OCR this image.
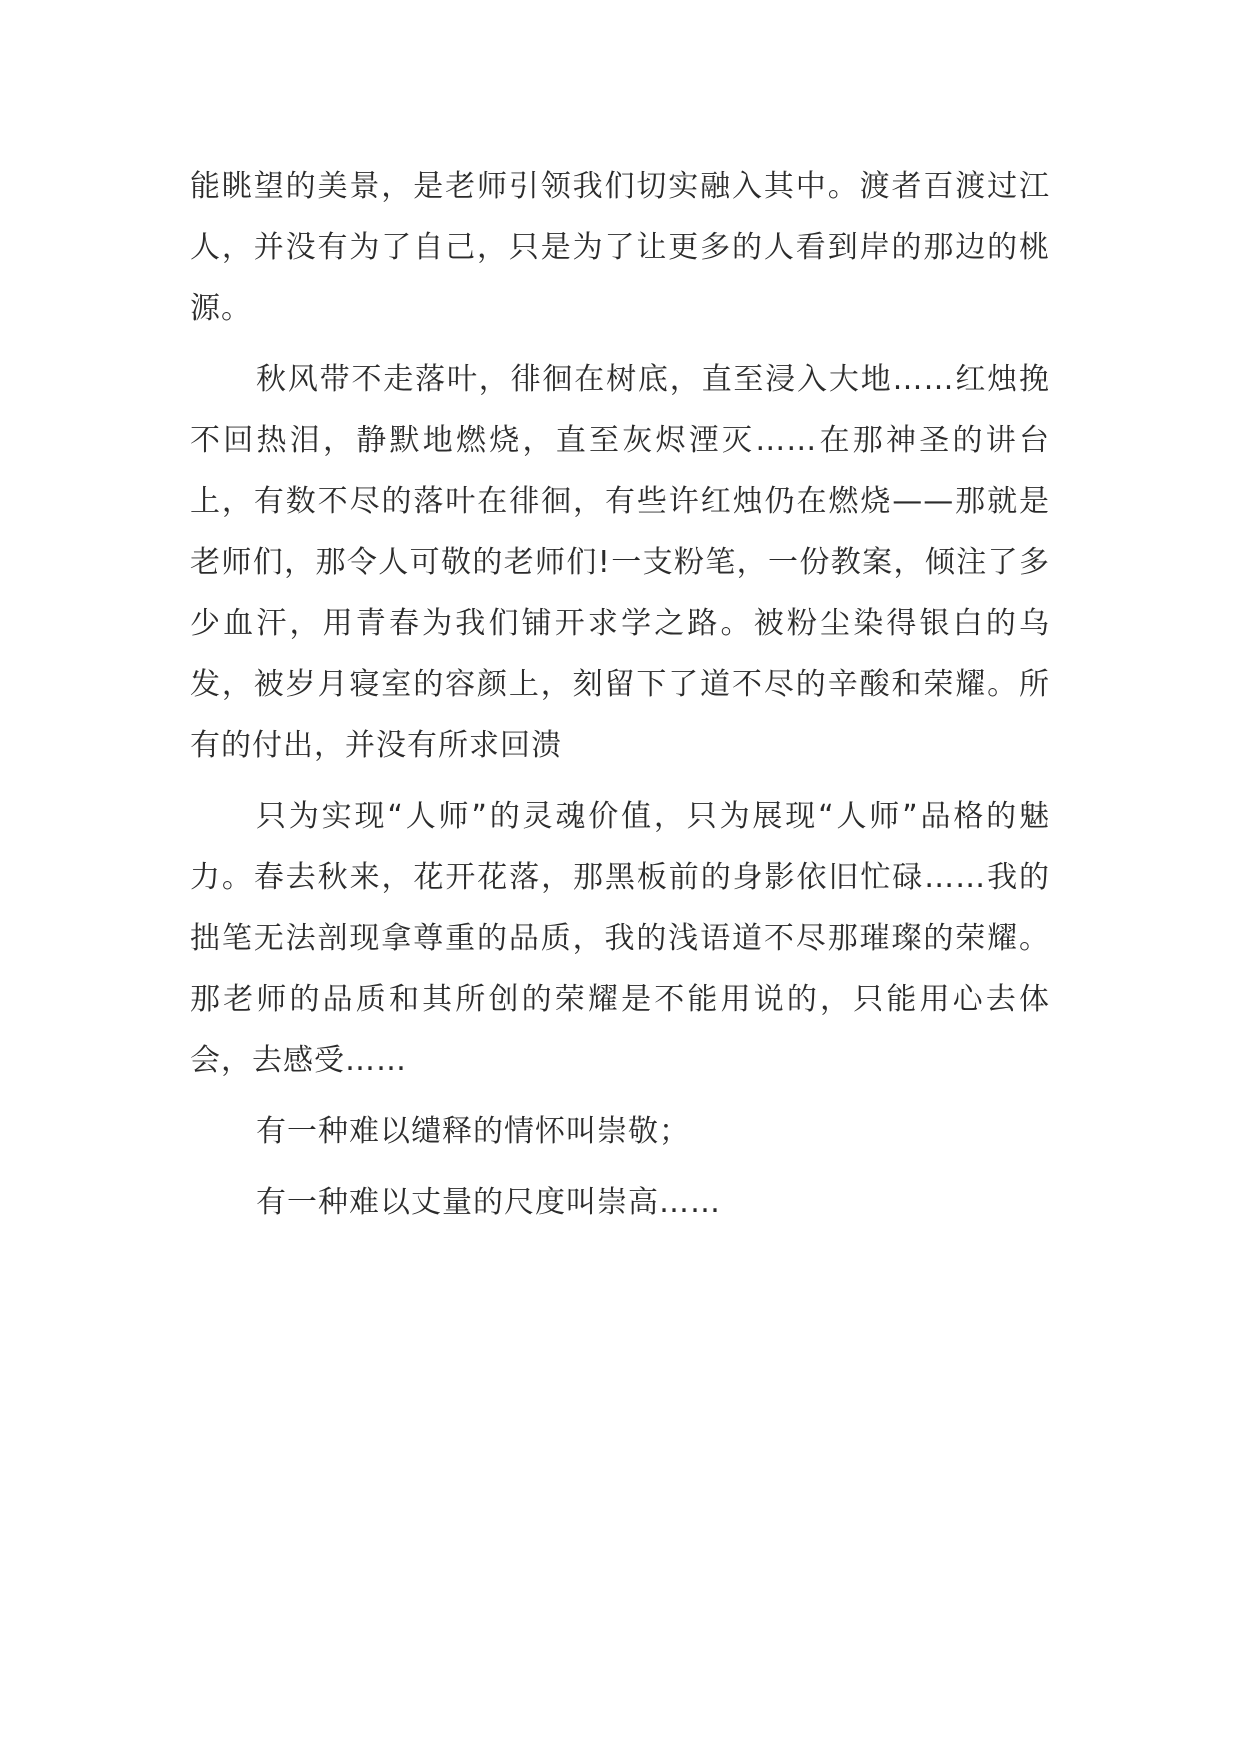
能眺望的美景，是老师引领我们切实融入其中。渡者百渡过江人，并没有为了自己，只是为了让更多的人看到岸的那边的桃源。

秋风带不走落叶，徘徊在树底，直至浸入大地……红烛挽不回热泪，静默地燃烧，直至灰烬湮灭……在那神圣的讲台上，有数不尽的落叶在徘徊，有些许红烛仍在燃烧——那就是老师们，那令人可敬的老师们!一支粉笔，一份教案，倾注了多少血汗，用青春为我们铺开求学之路。被粉尘染得银白的乌发，被岁月寝室的容颜上，刻留下了道不尽的辛酸和荣耀。所有的付出，并没有所求回溃

只为实现“人师”的灵魂价值，只为展现“人师”品格的魅力。春去秋来，花开花落，那黑板前的身影依旧忙碌……我的拙笔无法剖现拿尊重的品质，我的浅语道不尽那璀璨的荣耀。那老师的品质和其所创的荣耀是不能用说的，只能用心去体会，去感受……

有一种难以缱释的情怀叫崇敬；

有一种难以丈量的尺度叫崇高……
